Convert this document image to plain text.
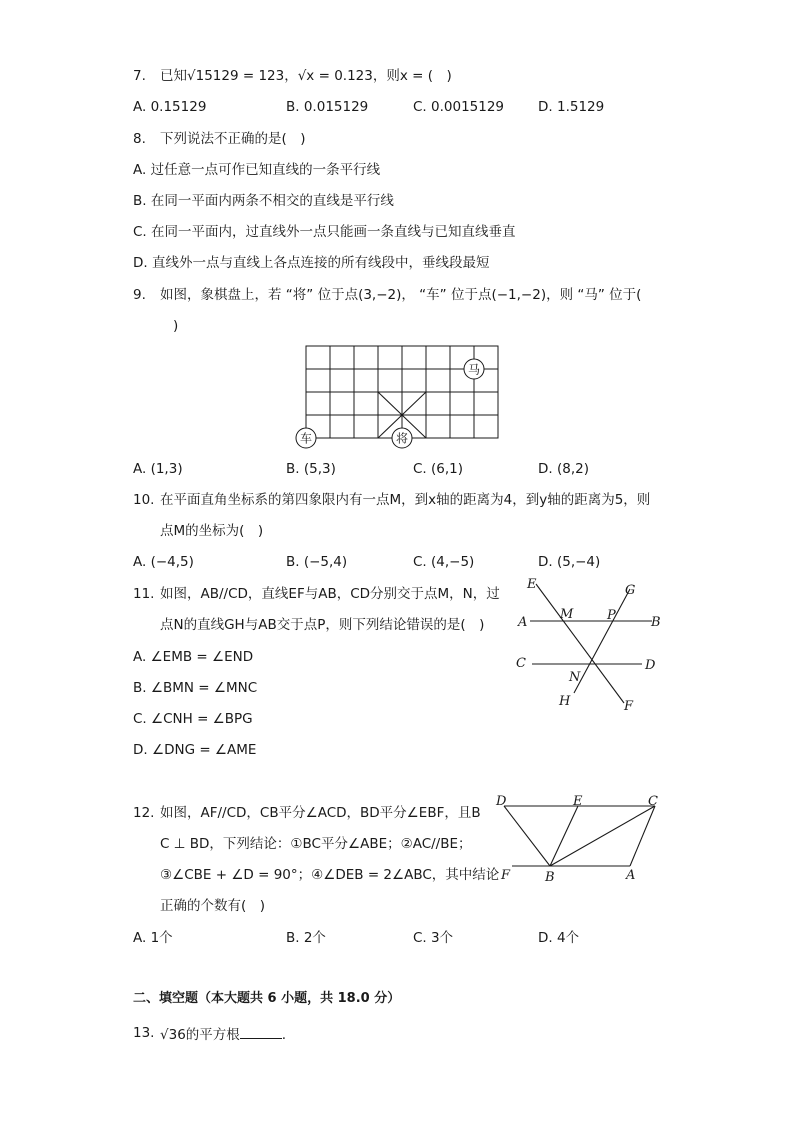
7. 已知√15129 = 123，√x = 0.123，则x = (　)
A. 0.15129	B. 0.015129	C. 0.0015129	D. 1.5129
8. 下列说法不正确的是(　)
A. 过任意一点可作已知直线的一条平行线
B. 在同一平面内两条不相交的直线是平行线
C. 在同一平面内，过直线外一点只能画一条直线与已知直线垂直
D. 直线外一点与直线上各点连接的所有线段中，垂线段最短
9. 如图，象棋盘上，若 “将” 位于点(3,−2)， “车” 位于点(−1,−2)，则 “马” 位于(
)
马
车	将
A. (1,3)	B. (5,3)	C. (6,1)	D. (8,2)
10. 在平面直角坐标系的第四象限内有一点M，到x轴的距离为4，到y轴的距离为5，则
点M的坐标为(　)
A. (−4,5)	B. (−5,4)	C. (4,−5)	D. (5,−4)
11. 如图，AB//CD，直线EF与AB，CD分别交于点M，N，过
点N的直线GH与AB交于点P，则下列结论错误的是(　)
A. ∠EMB = ∠END
B. ∠BMN = ∠MNC
C. ∠CNH = ∠BPG
D. ∠DNG = ∠AME
E	G
M	P
A	B
C	D
N
H	F
12. 如图，AF//CD，CB平分∠ACD，BD平分∠EBF，且B
C ⊥ BD，下列结论：①BC平分∠ABE；②AC//BE；
③∠CBE + ∠D = 90°；④∠DEB = 2∠ABC，其中结论
正确的个数有(　)
D	E	C
F	B	A
A. 1个	B. 2个	C. 3个	D. 4个
二、填空题（本大题共 6 小题，共 18.0 分）
13. √36的平方根	.
